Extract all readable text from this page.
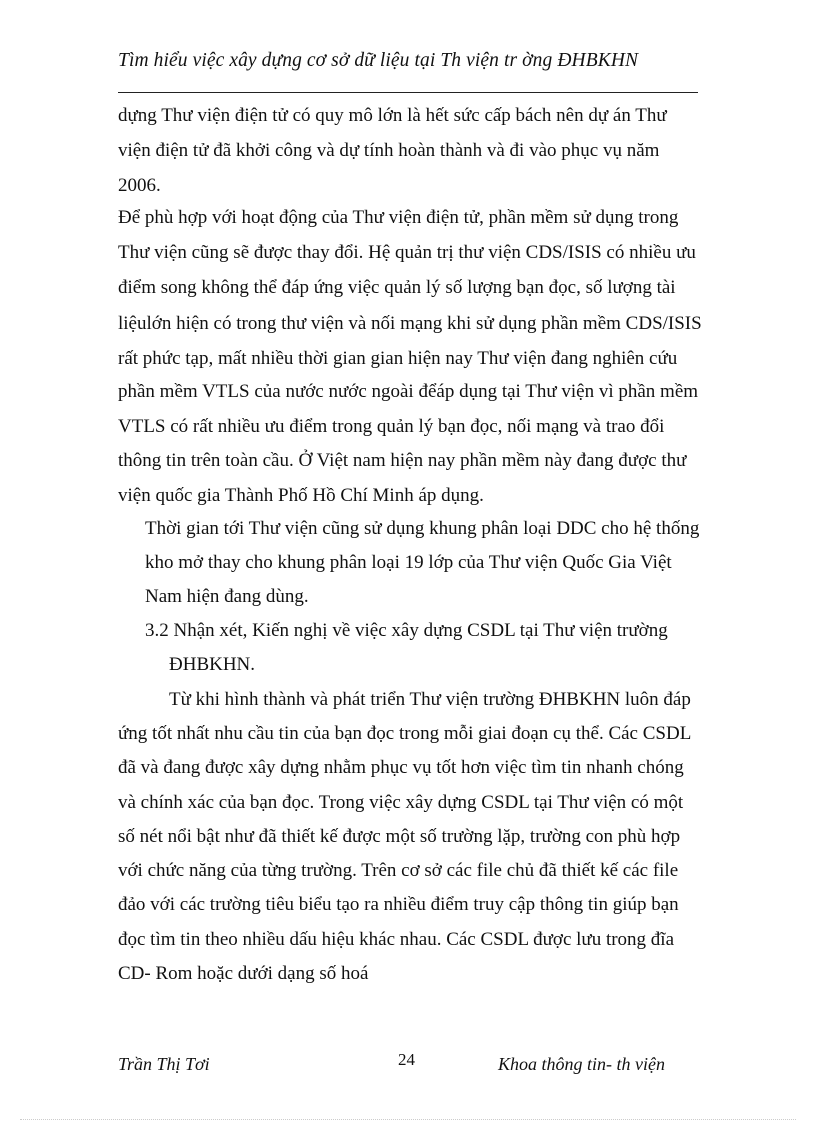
Tìm hiểu việc xây dựng cơ sở dữ liệu tại Th viện tr ờng ĐHBKHN
dựng Thư viện điện tử có quy mô lớn là hết sức cấp bách nên dự án Thư
viện điện tử đã khởi công và dự tính hoàn thành và đi vào phục vụ năm
2006.
Để phù hợp với hoạt động của Thư viện điện tử, phần mềm sử dụng trong
Thư viện cũng sẽ được thay đổi. Hệ quản trị thư viện CDS/ISIS có nhiều ưu
điểm song không thể đáp ứng việc quản lý số lượng bạn đọc, số lượng tài
liệulớn hiện có trong thư viện và nối mạng khi sử dụng phần mềm CDS/ISIS
rất phức tạp, mất nhiều thời gian gian hiện nay Thư viện đang nghiên cứu
phần mềm VTLS của nước nước ngoài đểáp dụng tại Thư viện vì phần mềm
VTLS có rất nhiều ưu điểm trong quản lý bạn đọc, nối mạng và trao đổi
thông tin trên toàn cầu. Ở Việt nam hiện nay phần mềm này đang được thư
viện quốc gia Thành Phố Hồ Chí Minh áp dụng.
Thời gian tới Thư viện cũng sử dụng khung phân loại DDC cho hệ thống
kho mở thay cho khung phân loại 19 lớp của Thư viện Quốc Gia Việt
Nam hiện đang dùng.
3.2 Nhận xét, Kiến nghị về việc xây dựng CSDL tại Thư viện trường
ĐHBKHN.
Từ khi hình thành và phát triển Thư viện trường ĐHBKHN luôn đáp
ứng tốt nhất nhu cầu tin của bạn đọc trong mỗi giai đoạn cụ thể. Các CSDL
đã và đang được xây dựng nhằm phục vụ tốt hơn việc tìm tin nhanh chóng
và chính xác của bạn đọc. Trong việc xây dựng CSDL tại Thư viện có một
số nét nổi bật như đã thiết kế được một số trường lặp, trường con phù hợp
với chức năng của từng trường. Trên cơ sở các file chủ đã thiết kế các file
đảo với các trường tiêu biểu tạo ra nhiều điểm truy cập thông tin giúp bạn
đọc tìm tin theo nhiều dấu hiệu khác nhau. Các CSDL được lưu trong đĩa
CD- Rom hoặc dưới dạng số hoá
Trần Thị Tơi	24	Khoa thông tin- th viện
